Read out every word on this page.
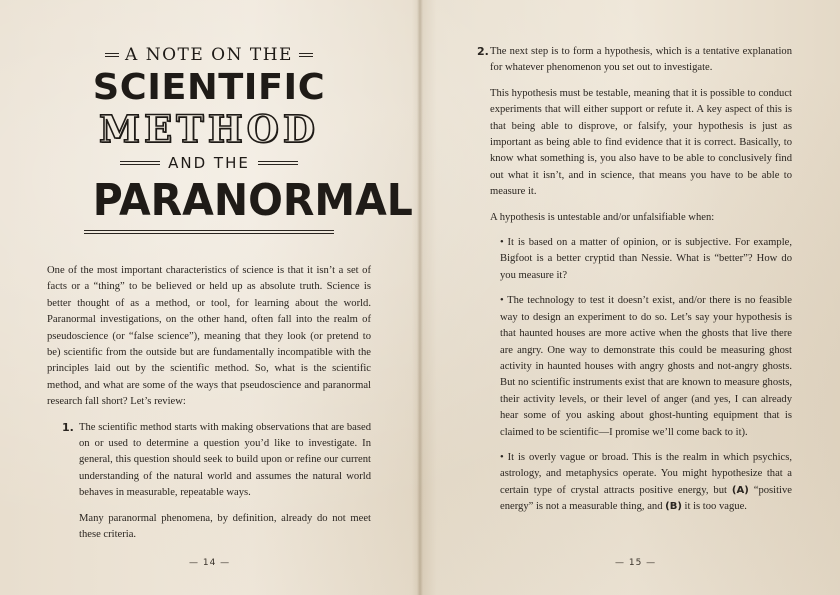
A NOTE ON THE
SCIENTIFIC
METHOD
AND THE
PARANORMAL

One of the most important characteristics of science is that it isn’t a set of facts or a “thing” to be believed or held up as absolute truth. Science is better thought of as a method, or tool, for learning about the world. Paranormal investigations, on the other hand, often fall into the realm of pseudoscience (or “false science”), meaning that they look (or pretend to be) scientific from the outside but are fundamentally incompatible with the principles laid out by the scientific method. So, what is the scientific method, and what are some of the ways that pseudoscience and paranormal research fall short? Let’s review:

1. The scientific method starts with making observations that are based on or used to determine a question you’d like to investigate. In general, this question should seek to build upon or refine our current understanding of the natural world and assumes the natural world behaves in measurable, repeatable ways.

Many paranormal phenomena, by definition, already do not meet these criteria.

— 14 —
2. The next step is to form a hypothesis, which is a tentative explanation for whatever phenomenon you set out to investigate.

This hypothesis must be testable, meaning that it is possible to conduct experiments that will either support or refute it. A key aspect of this is that being able to disprove, or falsify, your hypothesis is just as important as being able to find evidence that it is correct. Basically, to know what something is, you also have to be able to conclusively find out what it isn’t, and in science, that means you have to be able to measure it.

A hypothesis is untestable and/or unfalsifiable when:

• It is based on a matter of opinion, or is subjective. For example, Bigfoot is a better cryptid than Nessie. What is “better”? How do you measure it?

• The technology to test it doesn’t exist, and/or there is no feasible way to design an experiment to do so. Let’s say your hypothesis is that haunted houses are more active when the ghosts that live there are angry. One way to demonstrate this could be measuring ghost activity in haunted houses with angry ghosts and not-angry ghosts. But no scientific instruments exist that are known to measure ghosts, their activity levels, or their level of anger (and yes, I can already hear some of you asking about ghost-hunting equipment that is claimed to be scientific—I promise we’ll come back to it).

• It is overly vague or broad. This is the realm in which psychics, astrology, and metaphysics operate. You might hypothesize that a certain type of crystal attracts positive energy, but (A) “positive energy” is not a measurable thing, and (B) it is too vague.

— 15 —
